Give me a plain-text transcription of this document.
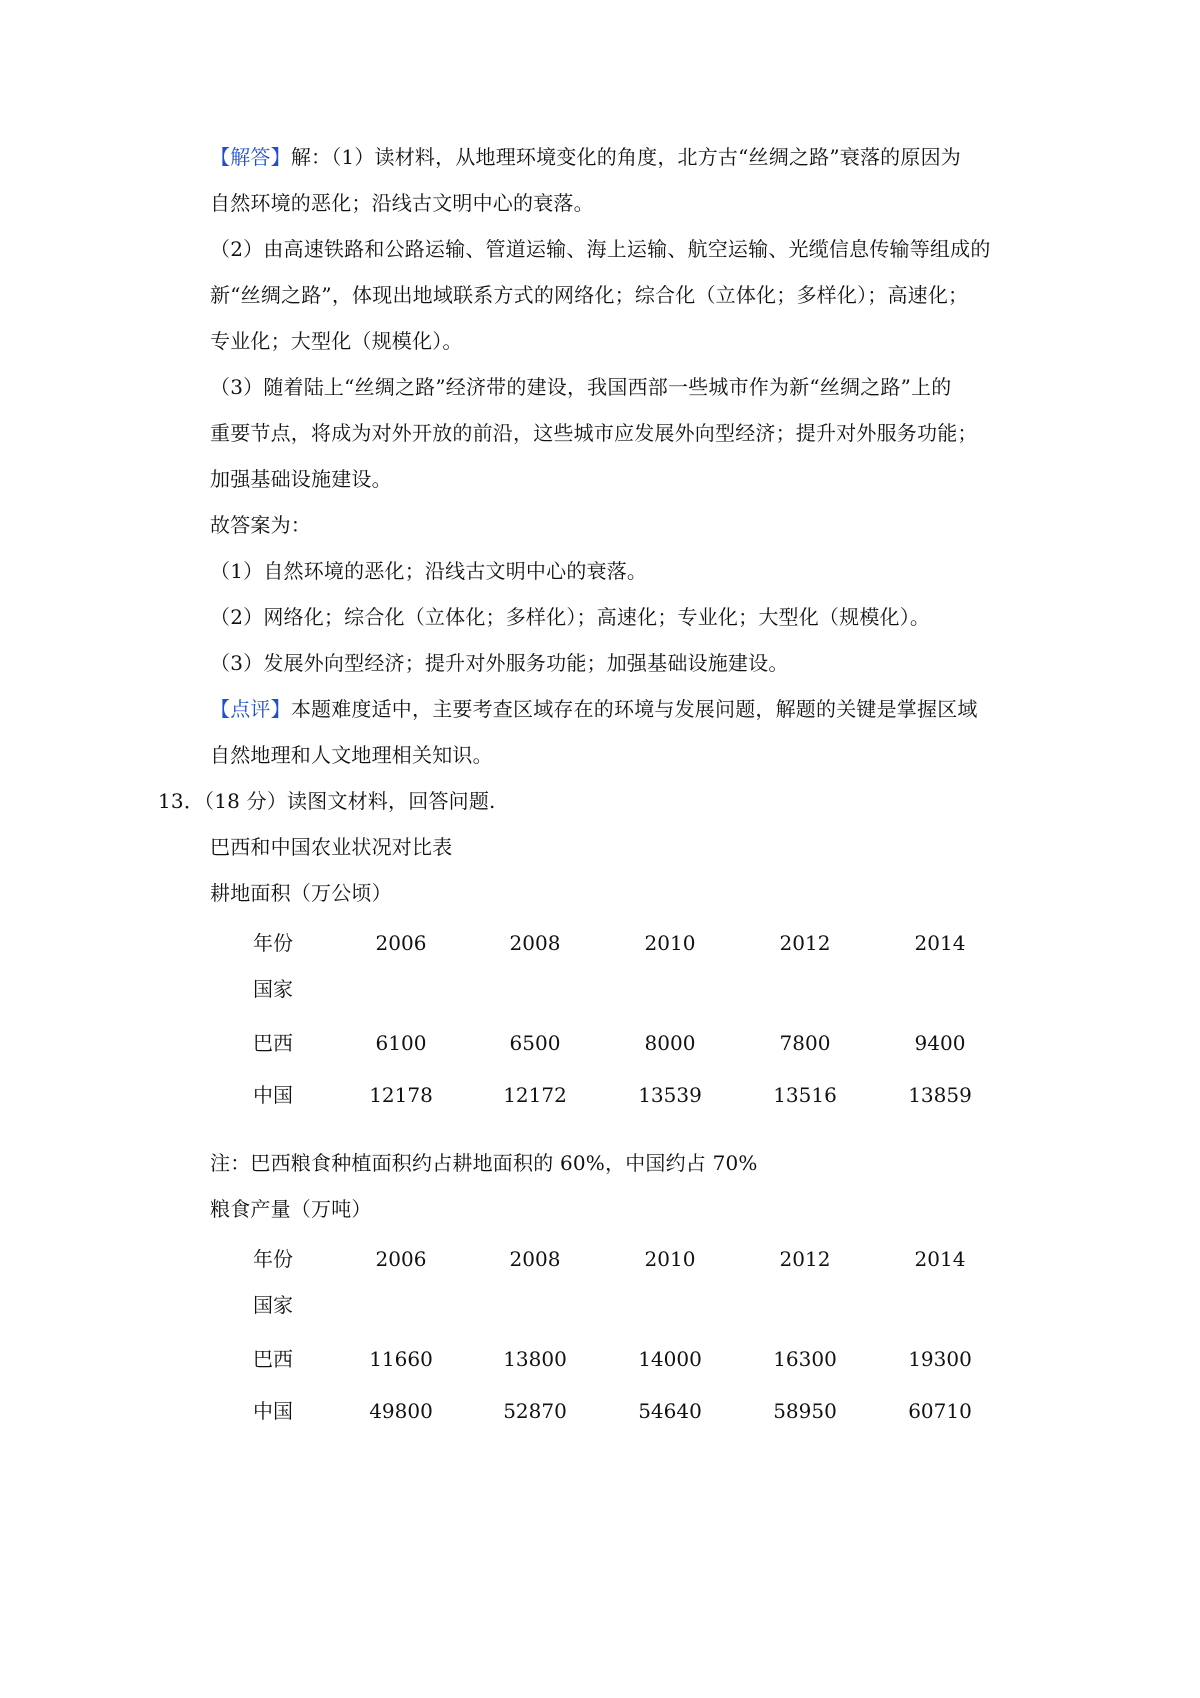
【解答】解：（1）读材料，从地理环境变化的角度，北方古“丝绸之路”衰落的原因为
自然环境的恶化；沿线古文明中心的衰落。
（2）由高速铁路和公路运输、管道运输、海上运输、航空运输、光缆信息传输等组成的
新“丝绸之路”，体现出地域联系方式的网络化；综合化（立体化；多样化）；高速化；
专业化；大型化（规模化）。
（3）随着陆上“丝绸之路”经济带的建设，我国西部一些城市作为新“丝绸之路”上的
重要节点，将成为对外开放的前沿，这些城市应发展外向型经济；提升对外服务功能；
加强基础设施建设。
故答案为：
（1）自然环境的恶化；沿线古文明中心的衰落。
（2）网络化；综合化（立体化；多样化）；高速化；专业化；大型化（规模化）。
（3）发展外向型经济；提升对外服务功能；加强基础设施建设。
【点评】本题难度适中，主要考查区域存在的环境与发展问题，解题的关键是掌握区域
自然地理和人文地理相关知识。
13．（18 分）读图文材料，回答问题.
巴西和中国农业状况对比表
耕地面积（万公顷）
年份	2006	2008	2010	2012	2014
国家
巴西	6100	6500	8000	7800	9400
中国	12178	12172	13539	13516	13859
注：巴西粮食种植面积约占耕地面积的 60%，中国约占 70%
粮食产量（万吨）
年份	2006	2008	2010	2012	2014
国家
巴西	11660	13800	14000	16300	19300
中国	49800	52870	54640	58950	60710
